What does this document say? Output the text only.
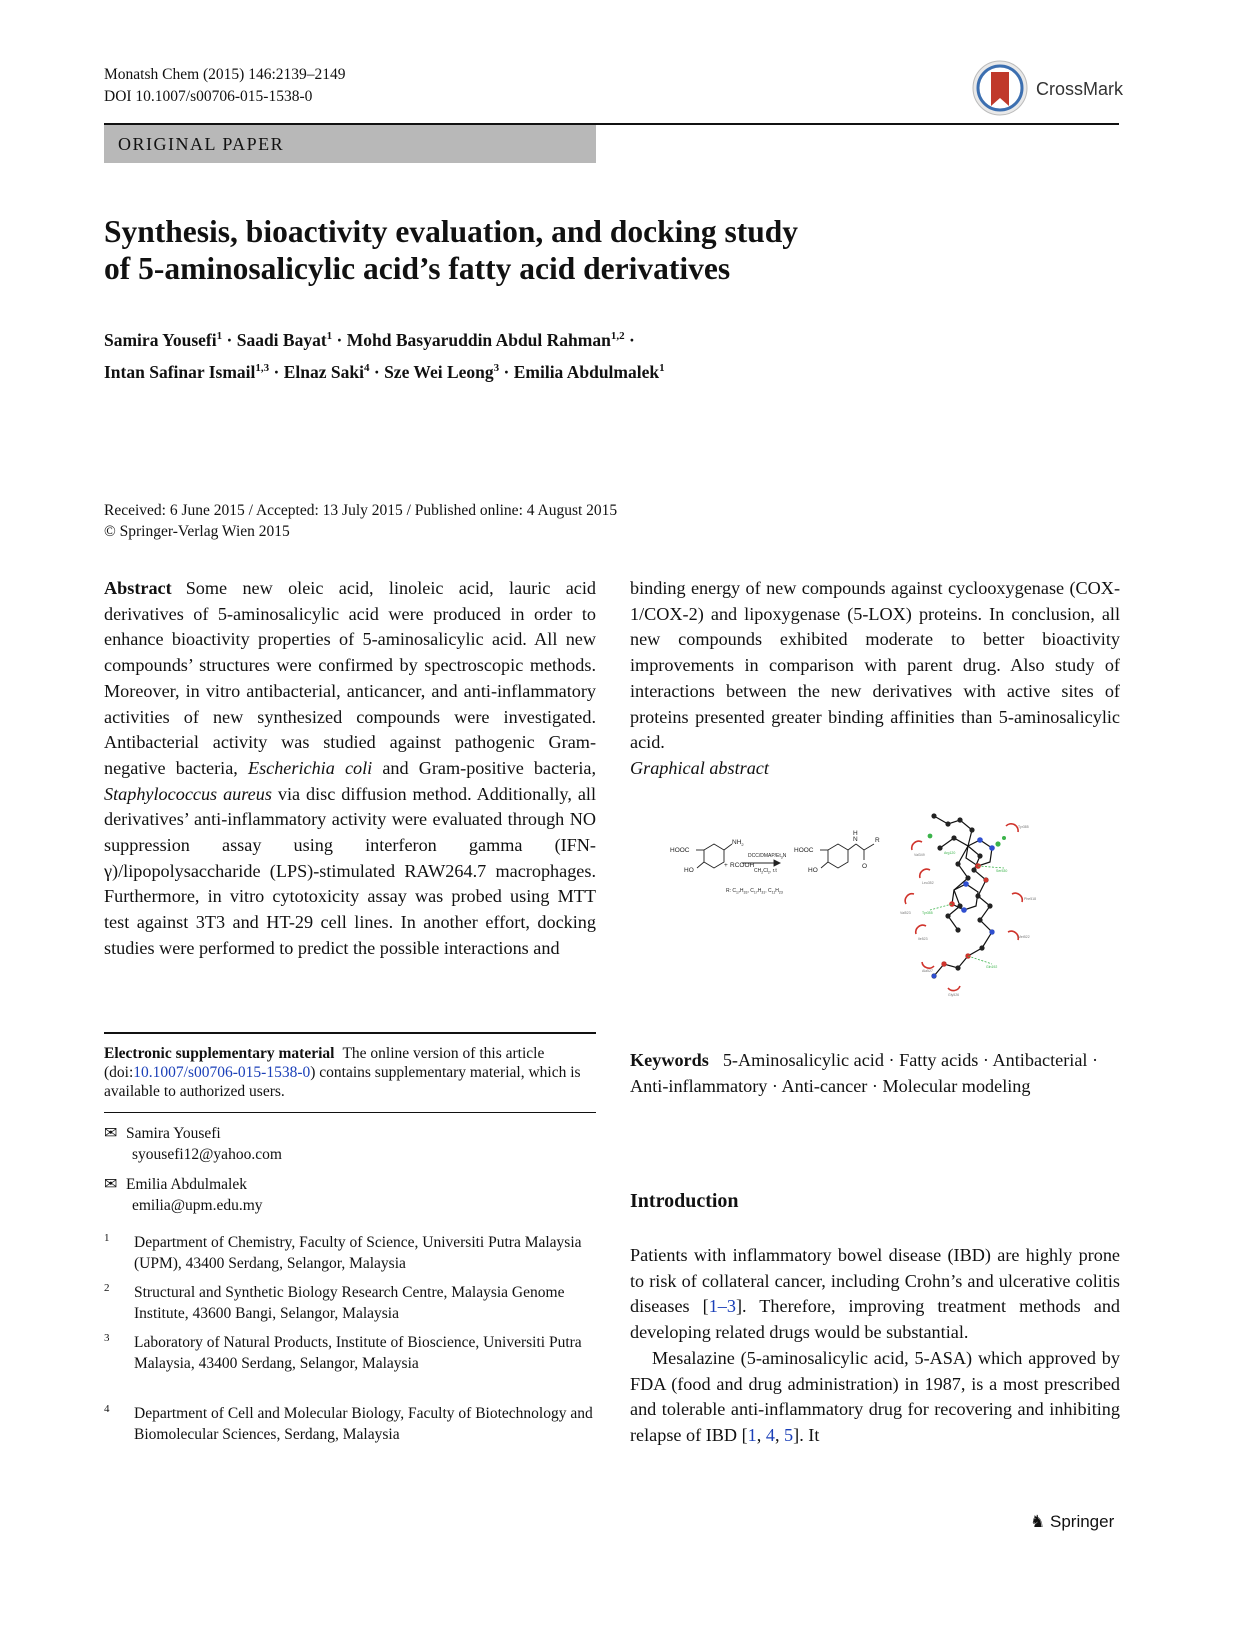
Monatsh Chem (2015) 146:2139–2149
DOI 10.1007/s00706-015-1538-0	CrossMark
ORIGINAL PAPER
Synthesis, bioactivity evaluation, and docking study
of 5-aminosalicylic acid’s fatty acid derivatives
Samira Yousefi$^1$ · Saadi Bayat$^1$ · Mohd Basyaruddin Abdul Rahman$^{1,2}$ ·
Intan Safinar Ismail$^{1,3}$ · Elnaz Saki$^4$ · Sze Wei Leong$^3$ · Emilia Abdulmalek$^1$
Received: 6 June 2015 / Accepted: 13 July 2015 / Published online: 4 August 2015
© Springer-Verlag Wien 2015
Abstract Some new oleic acid, linoleic acid, lauric acid derivatives of 5-aminosalicylic acid were produced in order to enhance bioactivity properties of 5-aminosalicylic acid. All new compounds’ structures were confirmed by spectroscopic methods. Moreover, in vitro antibacterial, anticancer, and anti-inflammatory activities of new synthesized compounds were investigated. Antibacterial activity was studied against pathogenic Gram-negative bacteria, Escherichia coli and Gram-positive bacteria, Staphylococcus aureus via disc diffusion method. Additionally, all derivatives’ anti-inflammatory activity were evaluated through NO suppression assay using interferon gamma (IFN-γ)/lipopolysaccharide (LPS)-stimulated RAW264.7 macrophages. Furthermore, in vitro cytotoxicity assay was probed using MTT test against 3T3 and HT-29 cell lines. In another effort, docking studies were performed to predict the possible interactions and
binding energy of new compounds against cyclooxygenase (COX-1/COX-2) and lipoxygenase (5-LOX) proteins. In conclusion, all new compounds exhibited moderate to better bioactivity improvements in comparison with parent drug. Also study of interactions between the new derivatives with active sites of proteins presented greater binding affinities than 5-aminosalicylic acid.
Graphical abstract
HOOC
$NH_2$
HO
+ RCOOH
DCC/$DMAP/Et_3N$
$CH_2Cl_2$, r.t
R: $C_{17}H_{33}$, $C_{17}H_{31}$, $C_{11}H_{23}$
HOOC
HO
H
N
O
R
Arg120
Ser530
Tyr355
Gln192
Val349
Leu352
Ile523
Ala527
Tyr385
Phe518
Met522
Gly526
Val523
Electronic supplementary material The online version of this article (doi:10.1007/s00706-015-1538-0) contains supplementary material, which is available to authorized users.
✉ Samira Yousefi
syousefi12@yahoo.com
✉ Emilia Abdulmalek
emilia@upm.edu.my
1 Department of Chemistry, Faculty of Science, Universiti Putra Malaysia (UPM), 43400 Serdang, Selangor, Malaysia
2 Structural and Synthetic Biology Research Centre, Malaysia Genome Institute, 43600 Bangi, Selangor, Malaysia
3 Laboratory of Natural Products, Institute of Bioscience, Universiti Putra Malaysia, 43400 Serdang, Selangor, Malaysia
4 Department of Cell and Molecular Biology, Faculty of Biotechnology and Biomolecular Sciences, Serdang, Malaysia
Keywords 5-Aminosalicylic acid · Fatty acids · Antibacterial · Anti-inflammatory · Anti-cancer · Molecular modeling
Introduction

Patients with inflammatory bowel disease (IBD) are highly prone to risk of collateral cancer, including Crohn’s and ulcerative colitis diseases [1–3]. Therefore, improving treatment methods and developing related drugs would be substantial.

Mesalazine (5-aminosalicylic acid, 5-ASA) which approved by FDA (food and drug administration) in 1987, is a most prescribed and tolerable anti-inflammatory drug for recovering and inhibiting relapse of IBD [1, 4, 5]. It

♞ Springer
